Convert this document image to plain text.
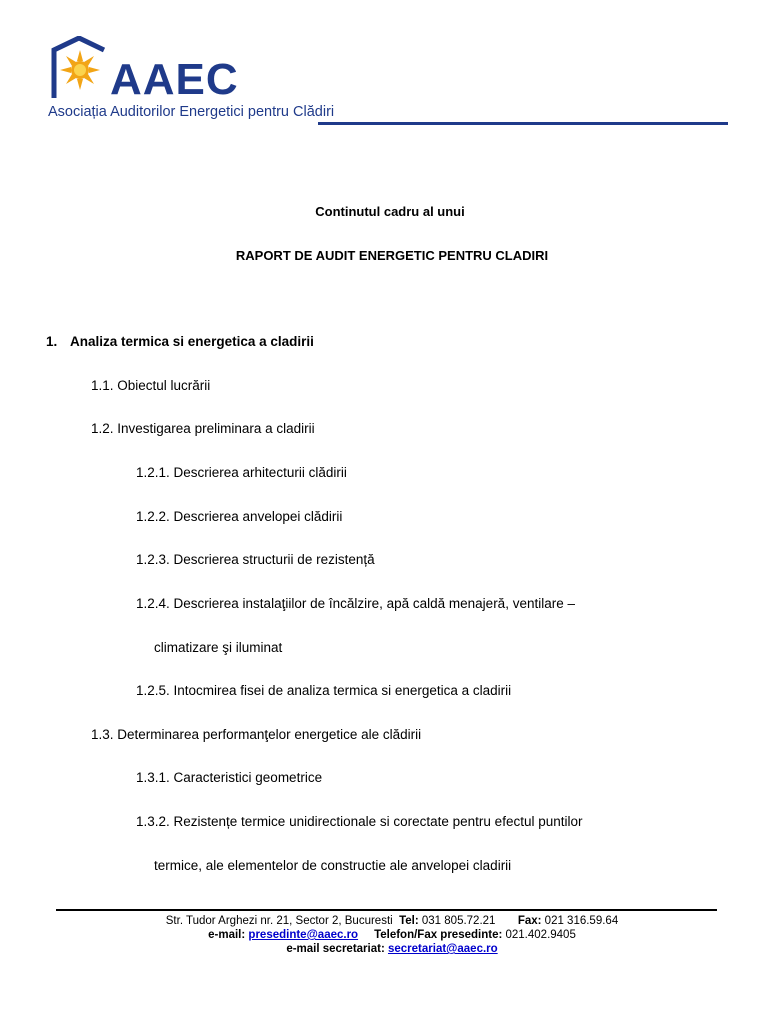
AAEC
Asociația Auditorilor Energetici pentru Clădiri
Continutul cadru al unui
RAPORT DE AUDIT ENERGETIC PENTRU CLADIRI
1. Analiza termica si energetica a cladirii
1.1. Obiectul lucrării
1.2. Investigarea preliminara a cladirii
1.2.1. Descrierea arhitecturii clădirii
1.2.2. Descrierea anvelopei clădirii
1.2.3. Descrierea structurii de rezistență
1.2.4. Descrierea instalaţiilor de încălzire, apă caldă menajeră, ventilare –
climatizare şi iluminat
1.2.5. Intocmirea fisei de analiza termica si energetica a cladirii
1.3. Determinarea performanţelor energetice ale clădirii
1.3.1. Caracteristici geometrice
1.3.2. Rezistențe termice unidirectionale si corectate pentru efectul puntilor
termice, ale elementelor de constructie ale anvelopei cladirii
Str. Tudor Arghezi nr. 21, Sector 2, Bucuresti Tel: 031 805.72.21 Fax: 021 316.59.64
e-mail: presedinte@aaec.ro Telefon/Fax presedinte: 021.402.9405
e-mail secretariat: secretariat@aaec.ro
